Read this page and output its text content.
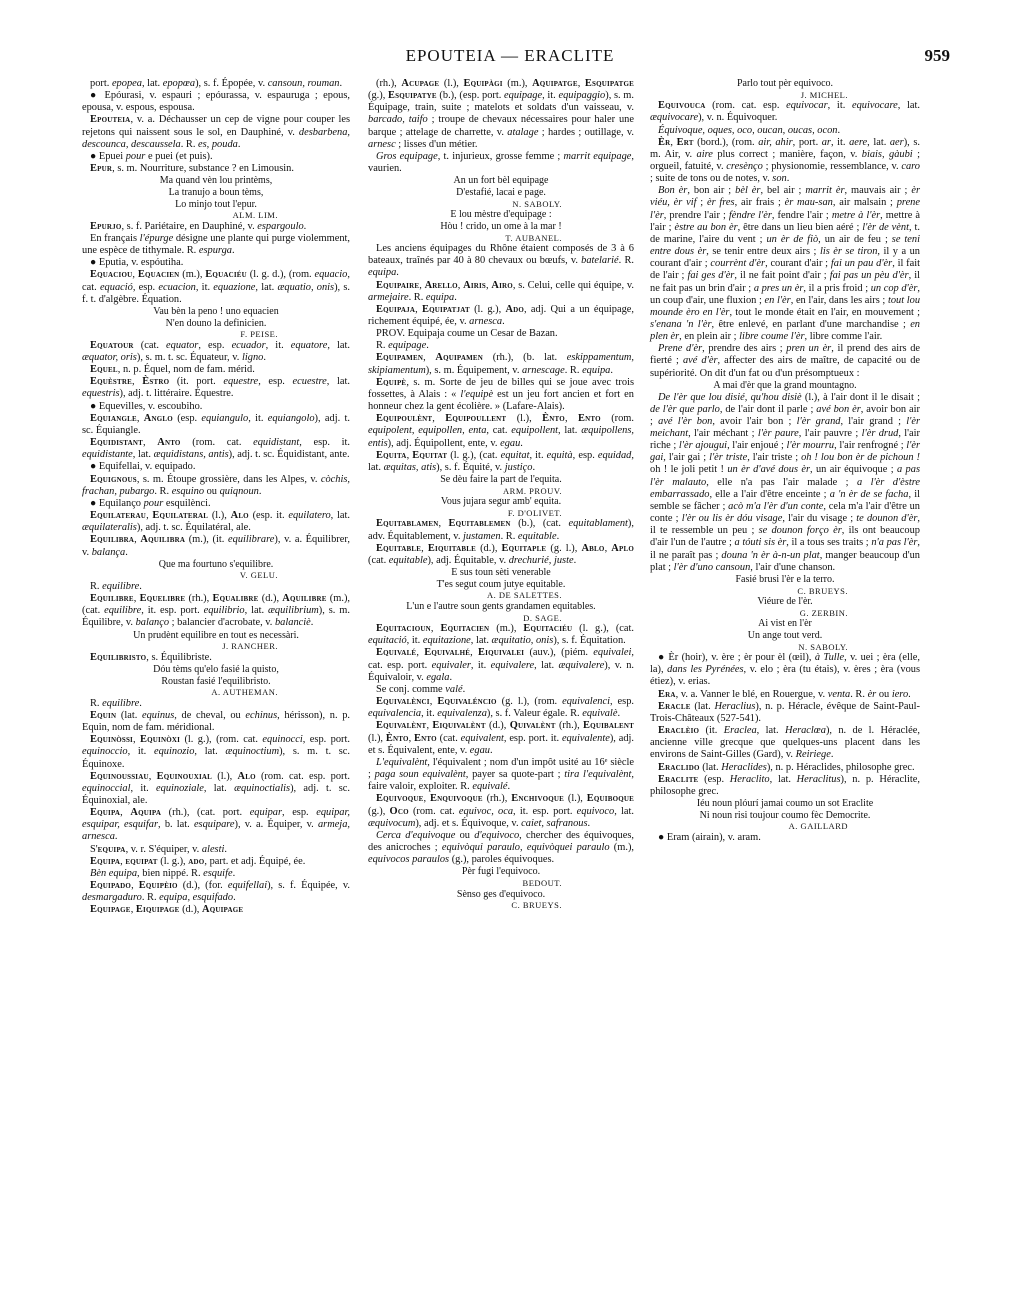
EPOUTEIA — ERACLITE	959

port. epopea, lat. epopœa), s. f. Épopée, v. cansoun, rouman.

● Epóurasi, v. espauri ; epóurassa, v. espauruga ; epous, epousa, v. espous, espousa.

Epouteia, v. a. Déchausser un cep de vigne pour couper les rejetons qui naissent sous le sol, en Dauphiné, v. desbarbena, descounca, descaussela. R. es, pouda.

● Epuei pour e puei (et puis).

Epur, s. m. Nourriture, substance ? en Limousin.

Ma quand vèn lou printèms,

La tranujo a boun tèms,

Lo minjo tout l'epur.

ALM. LIM.

Epurjo, s. f. Pariétaire, en Dauphiné, v. espargoulo.

En français l'épurge désigne une plante qui purge violemment, une espèce de tithymale. R. espurga.

● Eputia, v. espóutiha.

Equaciou, Equacien (m.), Equaciéu (l. g. d.), (rom. equacio, cat. equació, esp. ecuacion, it. equazione, lat. æquatio, onis), s. f. t. d'algèbre. Équation.

Vau bèn la peno ! uno equacien

N'en douno la definicien.

F. PEISE.

Equatour (cat. equator, esp. ecuador, it. equatore, lat. æquator, oris), s. m. t. sc. Équateur, v. ligno.

Equel, n. p. Équel, nom de fam. mérid.

Equèstre, Èstro (it. port. equestre, esp. ecuestre, lat. equestris), adj. t. littéraire. Équestre.

● Equevilles, v. escoubiho.

Equiangle, Anglo (esp. equiangulo, it. equiangolo), adj. t. sc. Équiangle.

Equidistant, Anto (rom. cat. equidistant, esp. it. equidistante, lat. æquidistans, antis), adj. t. sc. Équidistant, ante.

● Equifellai, v. equipado.

Equignous, s. m. Étoupe grossière, dans les Alpes, v. còchis, frachan, pubargo. R. esquino ou quiqnoun.

● Equilanço pour esquilènci.

Equilaterau, Equilateral (l.), Alo (esp. it. equilatero, lat. æquilateralis), adj. t. sc. Équilatéral, ale.

Equilibra, Aquilibra (m.), (it. equilibrare), v. a. Équilibrer, v. balança.

Que ma fourtuno s'equilibre.

V. GELU.

R. equilibre.

Equilibre, Equelibre (rh.), Equalibre (d.), Aquilibre (m.), (cat. equilibre, it. esp. port. equilibrio, lat. æquilibrium), s. m. Équilibre, v. balanço ; balancier d'acrobate, v. balanciè.

Un prudènt equilibre en tout es necessàri.

J. RANCHER.

Equilibristo, s. Équilibriste.

Dóu tèms qu'elo fasié la quisto,

Roustan fasié l'equilibristo.

A. AUTHEMAN.

R. equilibre.

Equin (lat. equinus, de cheval, ou echinus, hérisson), n. p. Equin, nom de fam. méridional.

Equinòssi, Equinòxi (l. g.), (rom. cat. equinocci, esp. port. equinoccio, it. equinozio, lat. æquinoctium), s. m. t. sc. Équinoxe.

Equinoussiau, Equinouxial (l.), Alo (rom. cat. esp. port. equinoccial, it. equinoziale, lat. æquinoctialis), adj. t. sc. Équinoxial, ale.

Equipa, Aquipa (rh.), (cat. port. equipar, esp. equipar, esquipar, esquifar, b. lat. esquipare), v. a. Équiper, v. armeja, arnesca.

S'equipa, v. r. S'équiper, v. alesti.

Equipa, equipat (l. g.), ado, part. et adj. Équipé, ée.

Bèn equipa, bien nippé. R. esquife.

Equipado, Equipèio (d.), (for. equifellai), s. f. Équipée, v. desmargaduro. R. equipa, esquifado.

Equipage, Eiquipage (d.), Aquipage

(rh.), Acupage (l.), Equipàgi (m.), Aquipatge, Esquipatge (g.), Esquipatye (b.), (esp. port. equipage, it. equipaggio), s. m. Équipage, train, suite ; matelots et soldats d'un vaisseau, v. barcado, taifo ; troupe de chevaux nécessaires pour haler une barque ; attelage de charrette, v. atalage ; hardes ; outillage, v. arnesc ; lisses d'un métier.

Gros equipage, t. injurieux, grosse femme ; marrit equipage, vaurien.

An un fort bèl equipage

D'estafié, lacai e page.

N. SABOLY.

E lou mèstre d'equipage :

Hòu ! crido, un ome à la mar !

T. AUBANEL.

Les anciens équipages du Rhône étaient composés de 3 à 6 bateaux, traînés par 40 à 80 chevaux ou bœufs, v. batelarié. R. equipa.

Equipaire, Arello, Airis, Airo, s. Celui, celle qui équipe, v. armejaire. R. equipa.

Equipaja, Equipatjat (l. g.), Ado, adj. Qui a un équipage, richement équipé, ée, v. arnesca.

PROV. Equipaja coume un Cesar de Bazan.

R. equipage.

Equipamen, Aquipamen (rh.), (b. lat. eskippamentum, skipiamentum), s. m. Équipement, v. arnescage. R. equipa.

Equipè, s. m. Sorte de jeu de billes qui se joue avec trois fossettes, à Alais : « l'equipè est un jeu fort ancien et fort en honneur chez la gent écolière. » (Lafare-Alais).

Equipoulènt, Equipoullent (l.), Ènto, Ento (rom. equipolent, equipollen, enta, cat. equipollent, lat. æquipollens, entis), adj. Équipollent, ente, v. egau.

Equita, Equitat (l. g.), (cat. equitat, it. equità, esp. equidad, lat. æquitas, atis), s. f. Équité, v. justiço.

Se dèu faire la part de l'equita.

ARM. PROUV.

Vous jujara segur amb' equita.

F. D'OLIVET.

Equitablamen, Equitablemen (b.), (cat. equitablament), adv. Équitablement, v. justamen. R. equitable.

Equitable, Eiquitable (d.), Equitaple (g. l.), Ablo, Aplo (cat. equitable), adj. Équitable, v. drechurié, juste.

E sus toun sèti venerable

T'es segut coum jutye equitable.

A. DE SALETTES.

L'un e l'autre soun gents grandamen equitables.

D. SAGE.

Equitacioun, Equitacien (m.), Equitaciéu (l. g.), (cat. equitació, it. equitazione, lat. æquitatio, onis), s. f. Équitation.

Equivalé, Equivalhé, Eiquivalei (auv.), (piém. equivalei, cat. esp. port. equivaler, it. equivalere, lat. æquivalere), v. n. Équivaloir, v. egala.

Se conj. comme valé.

Equivalènci, Equivaléncio (g. l.), (rom. equivalenci, esp. equivalencia, it. equivalenza), s. f. Valeur égale. R. equivalè.

Equivalènt, Eiquivalènt (d.), Quivalènt (rh.), Equibalent (l.), Ènto, Ento (cat. equivalent, esp. port. it. equivalente), adj. et s. Équivalent, ente, v. egau.

L'equivalènt, l'équivalent ; nom d'un impôt usité au 16ᵉ siècle ; paga soun equivalènt, payer sa quote-part ; tira l'equivalènt, faire valoir, exploiter. R. equivalé.

Equivoque, Enquivoque (rh.), Enchivoque (l.), Equiboque (g.), Oco (rom. cat. equivoc, oca, it. esp. port. equivoco, lat. æquivocum), adj. et s. Équivoque, v. caiet, safranous.

Cerca d'equivoque ou d'equivoco, chercher des équivoques, des anicroches ; equivòqui paraulo, equivòquei paraulo (m.), equivocos paraulos (g.), paroles équivoques.

Pèr fugi l'equivoco.

BEDOUT.

Sènso ges d'equivoco.

C. BRUEYS.

Parlo tout pèr equivoco.

J. MICHEL.

Equivouca (rom. cat. esp. equivocar, it. equivocare, lat. æquivocare), v. n. Équivoquer.

Équivoque, oques, oco, oucan, oucas, ocon.

Èr, Ert (bord.), (rom. air, ahir, port. ar, it. aere, lat. aer), s. m. Air, v. aire plus correct ; manière, façon, v. biais, gàubi ; orgueil, fatuité, v. cresènço ; physionomie, ressemblance, v. caro ; suite de tons ou de notes, v. son.

Bon èr, bon air ; bèl èr, bel air ; marrit èr, mauvais air ; èr viéu, èr vif ; èr fres, air frais ; èr mau-san, air malsain ; prene l'èr, prendre l'air ; fèndre l'èr, fendre l'air ; metre à l'èr, mettre à l'air ; èstre au bon èr, être dans un lieu bien aéré ; l'èr de vènt, t. de marine, l'aire du vent ; un èr de fiò, un air de feu ; se teni entre dous èr, se tenir entre deux airs ; lis èr se tiron, il y a un courant d'air ; courrènt d'èr, courant d'air ; fai un pau d'èr, il fait de l'air ; fai ges d'èr, il ne fait point d'air ; fai pas un pèu d'èr, il ne fait pas un brin d'air ; a pres un èr, il a pris froid ; un cop d'èr, un coup d'air, une fluxion ; en l'èr, en l'air, dans les airs ; tout lou mounde èro en l'èr, tout le monde était en l'air, en mouvement ; s'enana 'n l'èr, être enlevé, en parlant d'une marchandise ; en plen èr, en plein air ; libre coume l'èr, libre comme l'air.

Prene d'èr, prendre des airs ; pren un èr, il prend des airs de fierté ; avé d'èr, affecter des airs de maître, de capacité ou de supériorité. On dit d'un fat ou d'un présomptueux :

A mai d'èr que la grand mountagno.

De l'èr que lou disié, qu'hou disiè (l.), à l'air dont il le disait ; de l'èr que parlo, de l'air dont il parle ; avé bon èr, avoir bon air ; avé l'èr bon, avoir l'air bon ; l'èr grand, l'air grand ; l'èr meichant, l'air méchant ; l'èr paure, l'air pauvre ; l'èr drud, l'air riche ; l'èr ajougui, l'air enjoué ; l'èr mourru, l'air renfrogné ; l'èr gai, l'air gai ; l'èr triste, l'air triste ; oh ! lou bon èr de pichoun ! oh ! le joli petit ! un èr d'avé dous èr, un air équivoque ; a pas l'èr malauto, elle n'a pas l'air malade ; a l'èr d'èstre embarrassado, elle a l'air d'être enceinte ; a 'n èr de se facha, il semble se fâcher ; acò m'a l'èr d'un conte, cela m'a l'air d'être un conte ; l'èr ou lis èr dóu visage, l'air du visage ; te dounon d'èr, il te ressemble un peu ; se dounon forço èr, ils ont beaucoup d'air l'un de l'autre ; a tóuti sis èr, il a tous ses traits ; n'a pas l'èr, il ne paraît pas ; douna 'n èr à-n-un plat, manger beaucoup d'un plat ; l'èr d'uno cansoun, l'air d'une chanson.

Fasié brusi l'èr e la terro.

C. BRUEYS.

Viéure de l'èr.

G. ZERBIN.

Ai vist en l'èr

Un ange tout verd.

N. SABOLY.

● Èr (hoir), v. ère ; èr pour èl (œil), à Tulle, v. uei ; èra (elle, la), dans les Pyrénées, v. elo ; èra (tu étais), v. ères ; èra (vous étiez), v. erias.

Era, v. a. Vanner le blé, en Rouergue, v. venta. R. èr ou iero.

Eracle (lat. Heraclius), n. p. Héracle, évêque de Saint-Paul-Trois-Châteaux (527-541).

Eraclèio (it. Eraclea, lat. Heraclœa), n. de l. Héraclée, ancienne ville grecque que quelques-uns placent dans les environs de Saint-Gilles (Gard), v. Reiriege.

Eraclido (lat. Heraclides), n. p. Héraclides, philosophe grec.

Eraclite (esp. Heraclito, lat. Heraclitus), n. p. Héraclite, philosophe grec.

Iéu noun plóurí jamai coumo un sot Eraclite

Ni noun risi toujour coumo fèc Democrite.

A. GAILLARD

● Eram (airain), v. aram.
